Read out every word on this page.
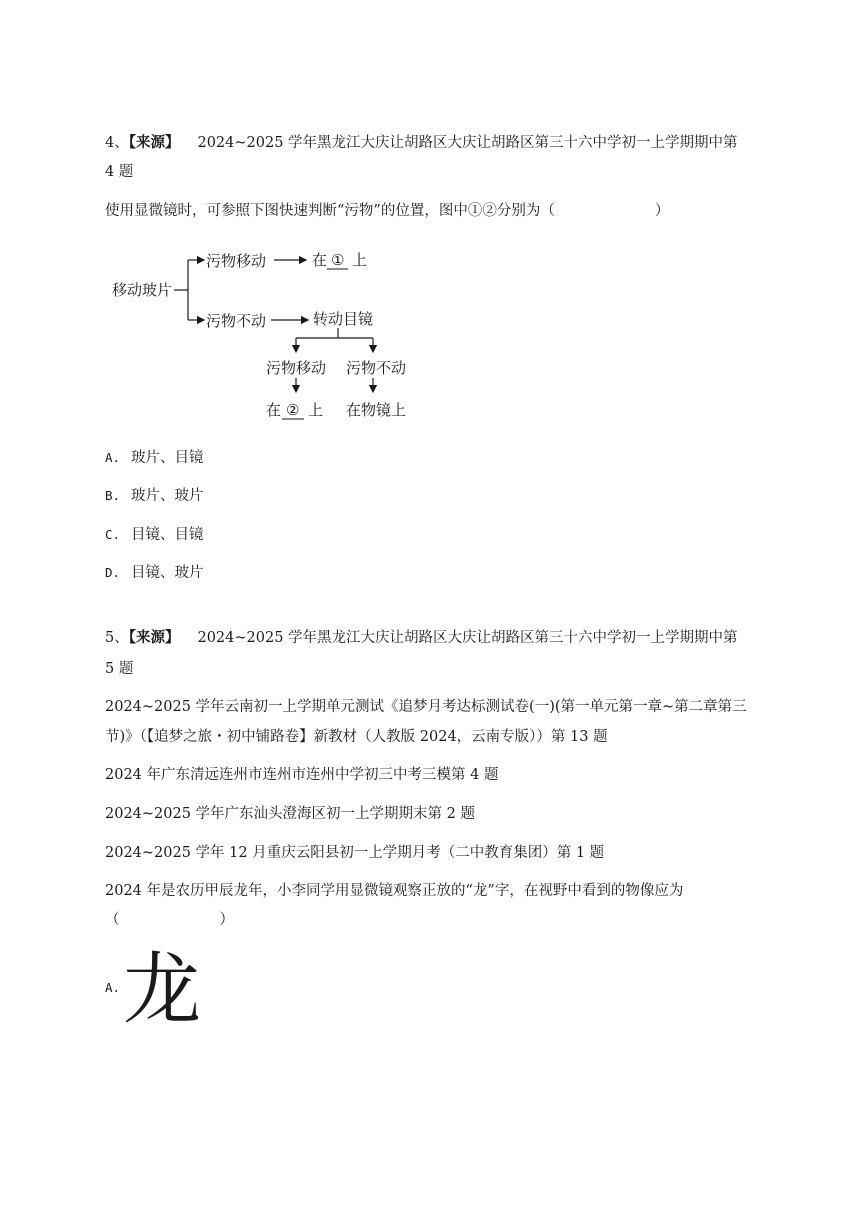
4、【来源】 2024~2025 学年黑龙江大庆让胡路区大庆让胡路区第三十六中学初一上学期期中第
4 题
使用显微镜时，可参照下图快速判断“污物”的位置，图中①②分别为（	）
移动玻片
污物移动	在 ① 上
污物不动	转动目镜
污物移动 污物不动
在 ② 上 在物镜上
A. 玻片、目镜
B. 玻片、玻片
C. 目镜、目镜
D. 目镜、玻片
5、【来源】 2024~2025 学年黑龙江大庆让胡路区大庆让胡路区第三十六中学初一上学期期中第
5 题
2024~2025 学年云南初一上学期单元测试《追梦月考达标测试卷(一)(第一单元第一章~第二章第三
节)》（【追梦之旅・初中铺路卷】新教材（人教版 2024，云南专版））第 13 题
2024 年广东清远连州市连州市连州中学初三中考三模第 4 题
2024~2025 学年广东汕头澄海区初一上学期期末第 2 题
2024~2025 学年 12 月重庆云阳县初一上学期月考（二中教育集团）第 1 题
2024 年是农历甲辰龙年，小李同学用显微镜观察正放的“龙”字，在视野中看到的物像应为
（	）
A. 龙
